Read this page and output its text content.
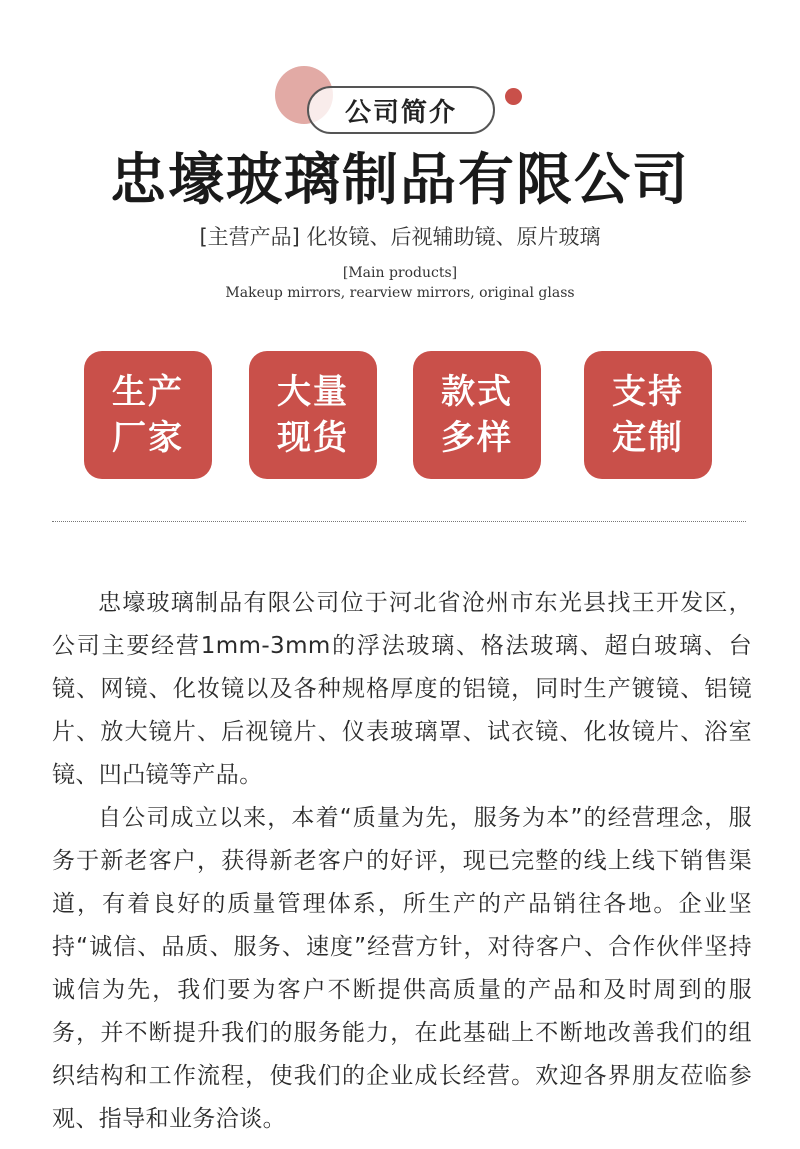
公司简介
忠壕玻璃制品有限公司
[主营产品] 化妆镜、后视辅助镜、原片玻璃
[Main products]
Makeup mirrors, rearview mirrors, original glass
生产
厂家
大量
现货
款式
多样
支持
定制

忠壕玻璃制品有限公司位于河北省沧州市东光县找王开发区，公司主要经营1mm-3mm的浮法玻璃、格法玻璃、超白玻璃、台镜、网镜、化妆镜以及各种规格厚度的铝镜，同时生产镀镜、铝镜片、放大镜片、后视镜片、仪表玻璃罩、试衣镜、化妆镜片、浴室镜、凹凸镜等产品。

自公司成立以来，本着“质量为先，服务为本”的经营理念，服务于新老客户，获得新老客户的好评，现已完整的线上线下销售渠道，有着良好的质量管理体系，所生产的产品销往各地。企业坚持“诚信、品质、服务、速度”经营方针，对待客户、合作伙伴坚持诚信为先，我们要为客户不断提供高质量的产品和及时周到的服务，并不断提升我们的服务能力，在此基础上不断地改善我们的组织结构和工作流程，使我们的企业成长经营。欢迎各界朋友莅临参观、指导和业务洽谈。
